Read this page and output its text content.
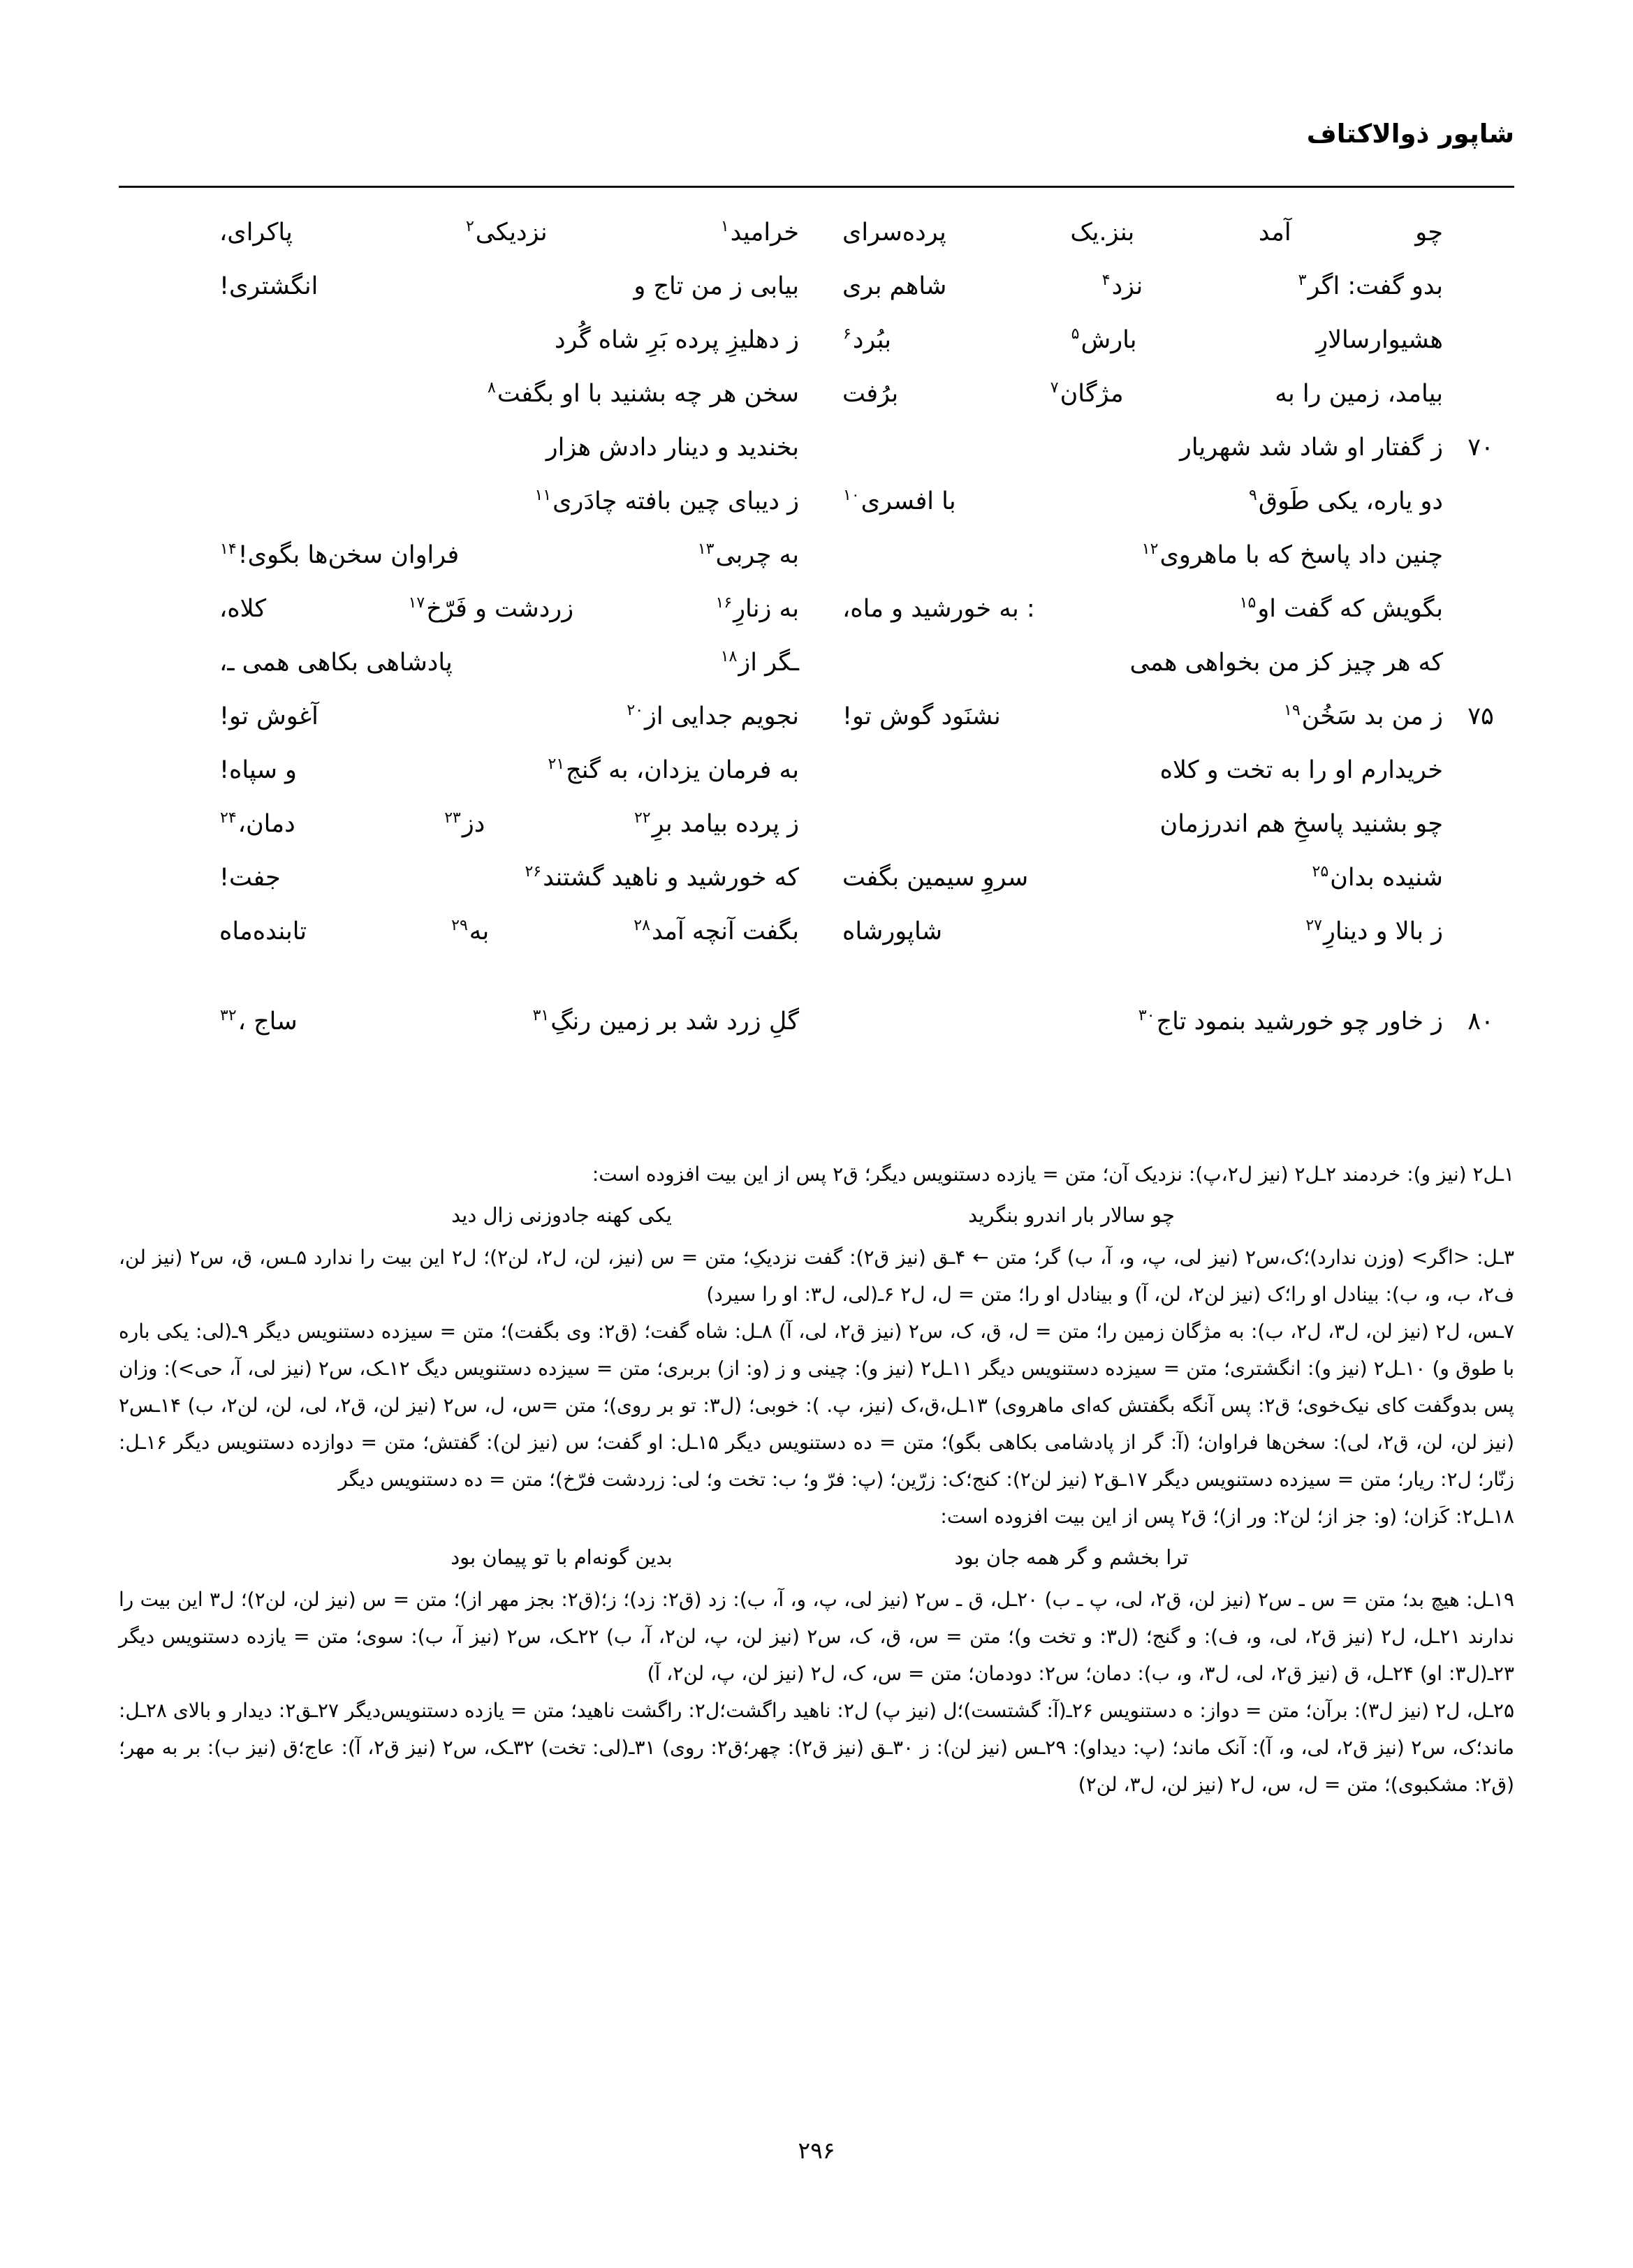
شاپور ذوالاکتاف
چو
آمد
بنز.یک
پرده‌سرای
خرامید$^۱$
نزدیکی$^۲$
پاکرای،
بدو گفت: اگر$^۳$
نزد$^۴$
شاهم بری
بیابی ز من تاج و
انگشتری!
هشیوارسالارِ
بارش$^۵$
ببُرد$^۶$
ز دهلیزِ پرده بَرِ شاه گُرد
بیامد، زمین را به
مژگان$^۷$
برُفت
سخن هر چه بشنید با او بگفت$^۸$
۷۰
ز گفتار او شاد شد شهریار
بخندید و دینار دادش هزار
دو یاره، یکی طَوق$^۹$
با افسری$^{۱۰}$
ز دیبای چین بافته چادَری$^{۱۱}$
چنین داد پاسخ که با ماهروی$^{۱۲}$
به چربی$^{۱۳}$
فراوان سخن‌ها بگوی!$^{۱۴}$
بگویش که گفت او$^{۱۵}$
: به خورشید و ماه،
به زنارِ$^{۱۶}$
زردشت و فَرّخ$^{۱۷}$
کلاه،
که هر چیز کز من بخواهی همی
ـگر از$^{۱۸}$
پادشاهی بکاهی همی ـ،
۷۵
ز من بد سَخُن$^{۱۹}$
نشنَود گوش تو!
نجویم جدایی از$^{۲۰}$
آغوش تو!
خریدارم او را به تخت و کلاه
به فرمان یزدان، به گنج$^{۲۱}$
و سپاه!
چو بشنید پاسخِ هم اندرزمان
ز پرده بیامد برِ$^{۲۲}$
دز$^{۲۳}$
دمان،$^{۲۴}$
شنیده بدان$^{۲۵}$
سروِ سیمین بگفت
که خورشید و ناهید گشتند$^{۲۶}$
جفت!
ز بالا و دینارِ$^{۲۷}$
شاپورشاه
بگفت آنچه آمد$^{۲۸}$
به$^{۲۹}$
تابنده‌ماه
۸۰
ز خاور چو خورشید بنمود تاج$^{۳۰}$
گلِ زرد شد بر زمین رنگِ$^{۳۱}$
ساج ،$^{۳۲}$

۱ـل۲ (نیز و): خردمند ۲ـل۲ (نیز ل۲،پ): نزدیک آن؛ متن = یازده دستنویس دیگر؛ ق۲ پس از این بیت افزوده است:

چو سالار بار اندرو بنگرید
یکی کهنه جادوزنی زال دید

۳ـل: <اگر> (وزن ندارد)؛ک،س۲ (نیز لی، پ، و، آ، ب) گر؛ متن ← ۴ـق (نیز ق۲): گفت نزدیکِ؛ متن = س (نیز، لن، ل۲، لن۲)؛ ل۲ این بیت را ندارد ۵ـس، ق، س۲ (نیز لن، ف۲، ب، و، ب): بینادل او را؛ک (نیز لن۲، لن، آ) و بینادل او را؛ متن = ل، ل۲ ۶ـ(لی، ل۳: او را سیرد)

۷ـس، ل۲ (نیز لن، ل۳، ل۲، ب): به مژگان زمین را؛ متن = ل، ق، ک، س۲ (نیز ق۲، لی، آ) ۸ـل: شاه گفت؛ (ق۲: وی بگفت)؛ متن = سیزده دستنویس دیگر ۹ـ(لی: یکی باره با طوق و) ۱۰ـل۲ (نیز و): انگشتری؛ متن = سیزده دستنویس دیگر ۱۱ـل۲ (نیز و): چینی و ز (و: از) بربری؛ متن = سیزده دستنویس دیگ ۱۲ـک، س۲ (نیز لی، آ، حی>): وزان پس بدوگفت کای نیک‌خوی؛ ق۲: پس آنگه بگفتش که‌ای ماهروی) ۱۳ـل،ق،ک (نیز، پ. ): خوبی؛ (ل۳: تو بر روی)؛ متن =س، ل، س۲ (نیز لن، ق۲، لی، لن، لن۲، ب) ۱۴ـس۲ (نیز لن، لن، ق۲، لی): سخن‌ها فراوان؛ (آ: گر از پادشامی بکاهی بگو)؛ متن = ده دستنویس دیگر ۱۵ـل: او گفت؛ س (نیز لن): گفتش؛ متن = دوازده دستنویس دیگر ۱۶ـل: زنّار؛ ل۲: ریار؛ متن = سیزده دستنویس دیگر ۱۷ـق۲ (نیز لن۲): کنج؛ک: زرّین؛ (پ: فرّ و؛ ب: تخت و؛ لی: زردشت فرّخ)؛ متن = ده دستنویس دیگر

۱۸ـل۲: کَزان؛ (و: جز از؛ لن۲: ور از)؛ ق۲ پس از این بیت افزوده است:

ترا بخشم و گر همه جان بود
بدین گونه‌ام با تو پیمان بود

۱۹ـل: هیچ بد؛ متن = س ـ س۲ (نیز لن، ق۲، لی، پ ـ ب) ۲۰ـل، ق ـ س۲ (نیز لی، پ، و، آ، ب): زد (ق۲: زد)؛ ز؛(ق۲: بجز مهر از)؛ متن = س (نیز لن، لن۲)؛ ل۳ این بیت را ندارند ۲۱ـل، ل۲ (نیز ق۲، لی، و، ف): و گنج؛ (ل۳: و تخت و)؛ متن = س، ق، ک، س۲ (نیز لن، پ، لن۲، آ، ب) ۲۲ـک، س۲ (نیز آ، ب): سوی؛ متن = یازده دستنویس دیگر ۲۳ـ(ل۳: او) ۲۴ـل، ق (نیز ق۲، لی، ل۳، و، ب): دمان؛ س۲: دودمان؛ متن = س، ک، ل۲ (نیز لن، پ، لن۲، آ)

۲۵ـل، ل۲ (نیز ل۳): برآن؛ متن = دواز: ه دستنویس ۲۶ـ(آ: گشتست)؛ل (نیز پ) ل۲: ناهید راگشت؛ل۲: راگشت ناهید؛ متن = یازده دستنویس‌دیگر ۲۷ـق۲: دیدار و بالای ۲۸ـل: ماند؛ک، س۲ (نیز ق۲، لی، و، آ): آنک ماند؛ (پ: دیداو): ۲۹ـس (نیز لن): ز ۳۰ـق (نیز ق۲): چهر؛ق۲: روی) ۳۱ـ(لی: تخت) ۳۲ـک، س۲ (نیز ق۲، آ): عاج؛ق (نیز ب): بر به مهر؛ (ق۲: مشکبوی)؛ متن = ل، س، ل۲ (نیز لن، ل۳، لن۲)

۲۹۶
